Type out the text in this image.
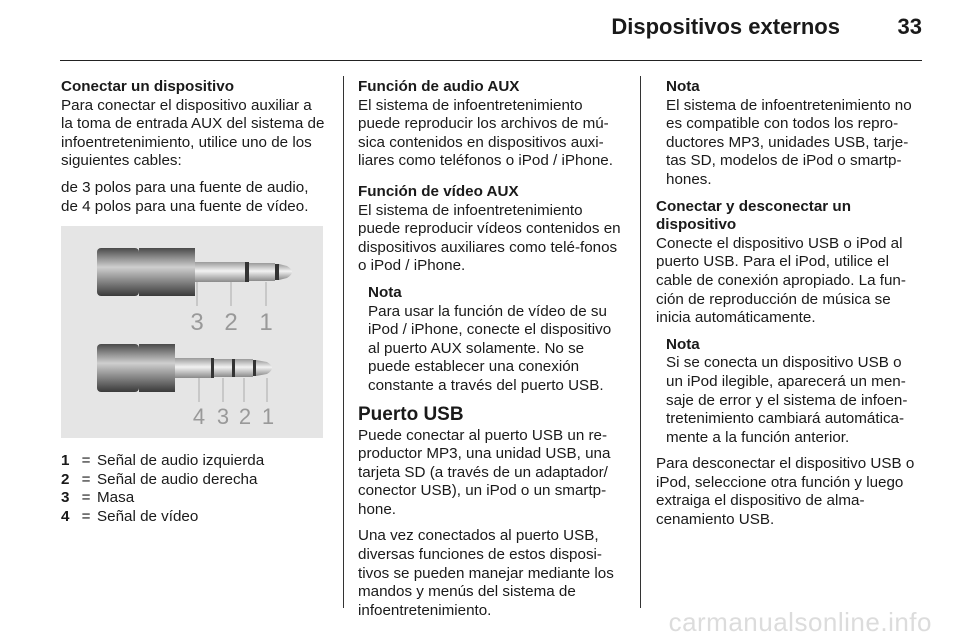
Dispositivos externos	33
Conectar un dispositivo

Para conectar el dispositivo auxiliar a la toma de entrada AUX del sistema de infoentretenimiento, utilice uno de los siguientes cables:

de 3 polos para una fuente de audio, de 4 polos para una fuente de vídeo.

3 2 1
4 3 2 1
1 = Señal de audio izquierda
2 = Señal de audio derecha
3 = Masa
4 = Señal de vídeo
Función de audio AUX

El sistema de infoentretenimiento puede reproducir los archivos de mú-sica contenidos en dispositivos auxi-liares como teléfonos o iPod / iPhone.

Función de vídeo AUX

El sistema de infoentretenimiento puede reproducir vídeos contenidos en dispositivos auxiliares como telé-fonos o iPod / iPhone.

Nota
Para usar la función de vídeo de su iPod / iPhone, conecte el dispositivo al puerto AUX solamente. No se puede establecer una conexión constante a través del puerto USB.
Puerto USB

Puede conectar al puerto USB un re-productor MP3, una unidad USB, una tarjeta SD (a través de un adaptador/ conector USB), un iPod o un smartp-hone.

Una vez conectados al puerto USB, diversas funciones de estos disposi-tivos se pueden manejar mediante los mandos y menús del sistema de infoentretenimiento.

Nota
El sistema de infoentretenimiento no es compatible con todos los repro-ductores MP3, unidades USB, tarje-tas SD, modelos de iPod o smartp-hones.
Conectar y desconectar un dispositivo

Conecte el dispositivo USB o iPod al puerto USB. Para el iPod, utilice el cable de conexión apropiado. La fun-ción de reproducción de música se inicia automáticamente.

Nota
Si se conecta un dispositivo USB o un iPod ilegible, aparecerá un men-saje de error y el sistema de infoen-tretenimiento cambiará automática-mente a la función anterior.

Para desconectar el dispositivo USB o iPod, seleccione otra función y luego extraiga el dispositivo de alma-cenamiento USB.

carmanualsonline.info
